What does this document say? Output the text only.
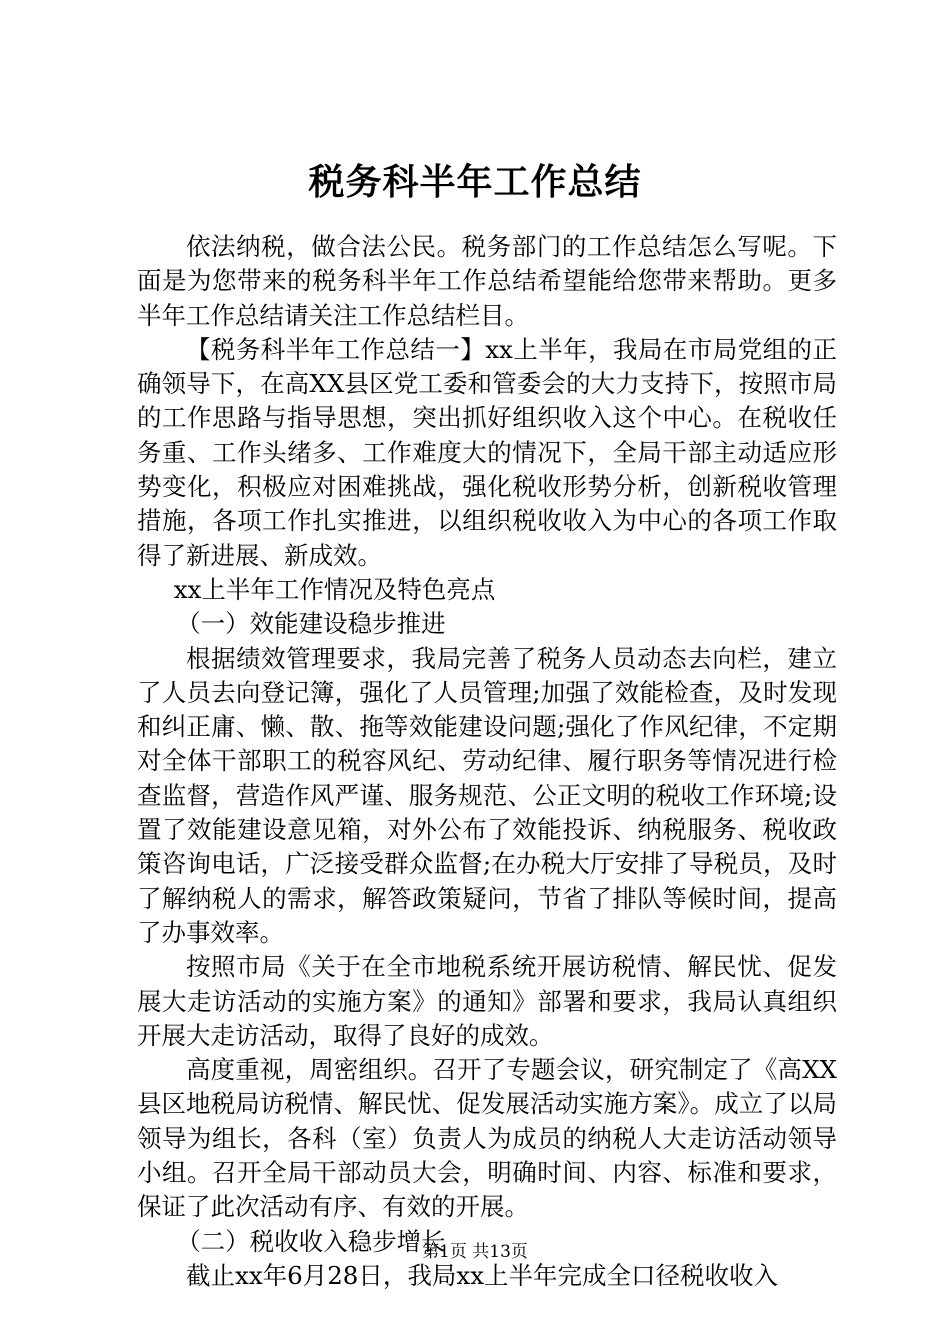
税务科半年工作总结

依法纳税，做合法公民。税务部门的工作总结怎么写呢。下面是为您带来的税务科半年工作总结希望能给您带来帮助。更多半年工作总结请关注工作总结栏目。

【税务科半年工作总结一】xx上半年，我局在市局党组的正确领导下，在高XX县区党工委和管委会的大力支持下，按照市局的工作思路与指导思想，突出抓好组织收入这个中心。在税收任务重、工作头绪多、工作难度大的情况下，全局干部主动适应形势变化，积极应对困难挑战，强化税收形势分析，创新税收管理措施，各项工作扎实推进，以组织税收收入为中心的各项工作取得了新进展、新成效。

xx上半年工作情况及特色亮点

（一）效能建设稳步推进

根据绩效管理要求，我局完善了税务人员动态去向栏，建立了人员去向登记簿，强化了人员管理;加强了效能检查，及时发现和纠正庸、懒、散、拖等效能建设问题;强化了作风纪律，不定期对全体干部职工的税容风纪、劳动纪律、履行职务等情况进行检查监督，营造作风严谨、服务规范、公正文明的税收工作环境;设置了效能建设意见箱，对外公布了效能投诉、纳税服务、税收政策咨询电话，广泛接受群众监督;在办税大厅安排了导税员，及时了解纳税人的需求，解答政策疑问，节省了排队等候时间，提高了办事效率。

按照市局《关于在全市地税系统开展访税情、解民忧、促发展大走访活动的实施方案》的通知》部署和要求，我局认真组织开展大走访活动，取得了良好的成效。

高度重视，周密组织。召开了专题会议，研究制定了《高XX县区地税局访税情、解民忧、促发展活动实施方案》。成立了以局领导为组长，各科（室）负责人为成员的纳税人大走访活动领导小组。召开全局干部动员大会，明确时间、内容、标准和要求，保证了此次活动有序、有效的开展。

（二）税收收入稳步增长

截止xx年6月28日，我局xx上半年完成全口径税收收入

第1页 共13页
